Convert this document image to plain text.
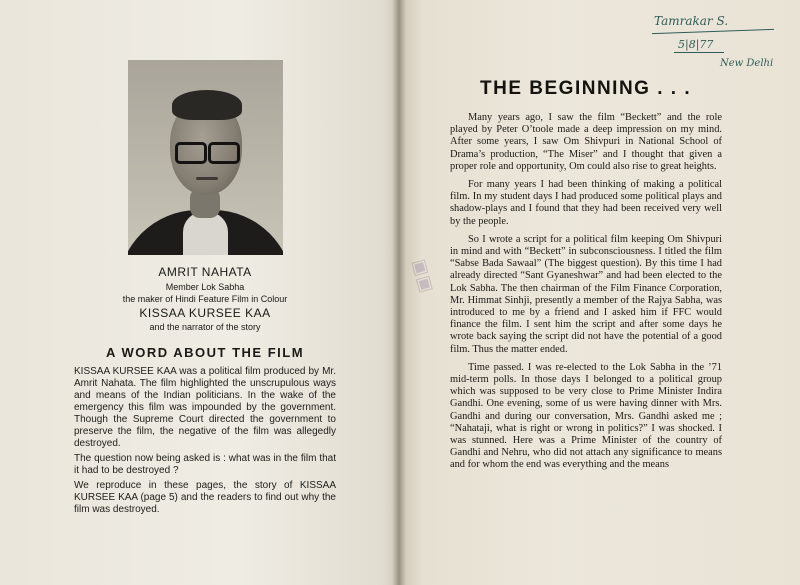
AMRIT NAHATA
Member Lok Sabha
the maker of Hindi Feature Film in Colour
KISSAA KURSEE KAA
and the narrator of the story
A WORD ABOUT THE FILM

KISSAA KURSEE KAA was a political film produced by Mr. Amrit Nahata. The film highlighted the unscrupulous ways and means of the Indian politicians. In the wake of the emergency this film was impounded by the government. Though the Supreme Court directed the government to preserve the film, the negative of the film was allegedly destroyed.

The question now being asked is : what was in the film that it had to be destroyed ?

We reproduce in these pages, the story of KISSAA KURSEE KAA (page 5) and the readers to find out why the film was destroyed.

▣▣
Tamrakar S.
5|8|77
New Delhi
THE BEGINNING . . .

Many years ago, I saw the film “Beckett” and the role played by Peter O’toole made a deep impression on my mind. After some years, I saw Om Shivpuri in National School of Drama’s production, “The Miser” and I thought that given a proper role and opportunity, Om could also rise to great heights.

For many years I had been thinking of making a political film. In my student days I had produced some political plays and shadow-plays and I found that they had been received very well by the people.

So I wrote a script for a political film keeping Om Shivpuri in mind and with “Beckett” in subconsciousness. I titled the film “Sabse Bada Sawaal” (The biggest question). By this time I had already directed “Sant Gyaneshwar” and had been elected to the Lok Sabha. The then chairman of the Film Finance Corporation, Mr. Himmat Sinhji, presently a member of the Rajya Sabha, was introduced to me by a friend and I asked him if FFC would finance the film. I sent him the script and after some days he wrote back saying the script did not have the potential of a good film. Thus the matter ended.

Time passed. I was re-elected to the Lok Sabha in the ’71 mid-term polls. In those days I belonged to a political group which was supposed to be very close to Prime Minister Indira Gandhi. One evening, some of us were having dinner with Mrs. Gandhi and during our conversation, Mrs. Gandhi asked me ; “Nahataji, what is right or wrong in politics?” I was shocked. I was stunned. Here was a Prime Minister of the country of Gandhi and Nehru, who did not attach any significance to means and for whom the end was everything and the means
